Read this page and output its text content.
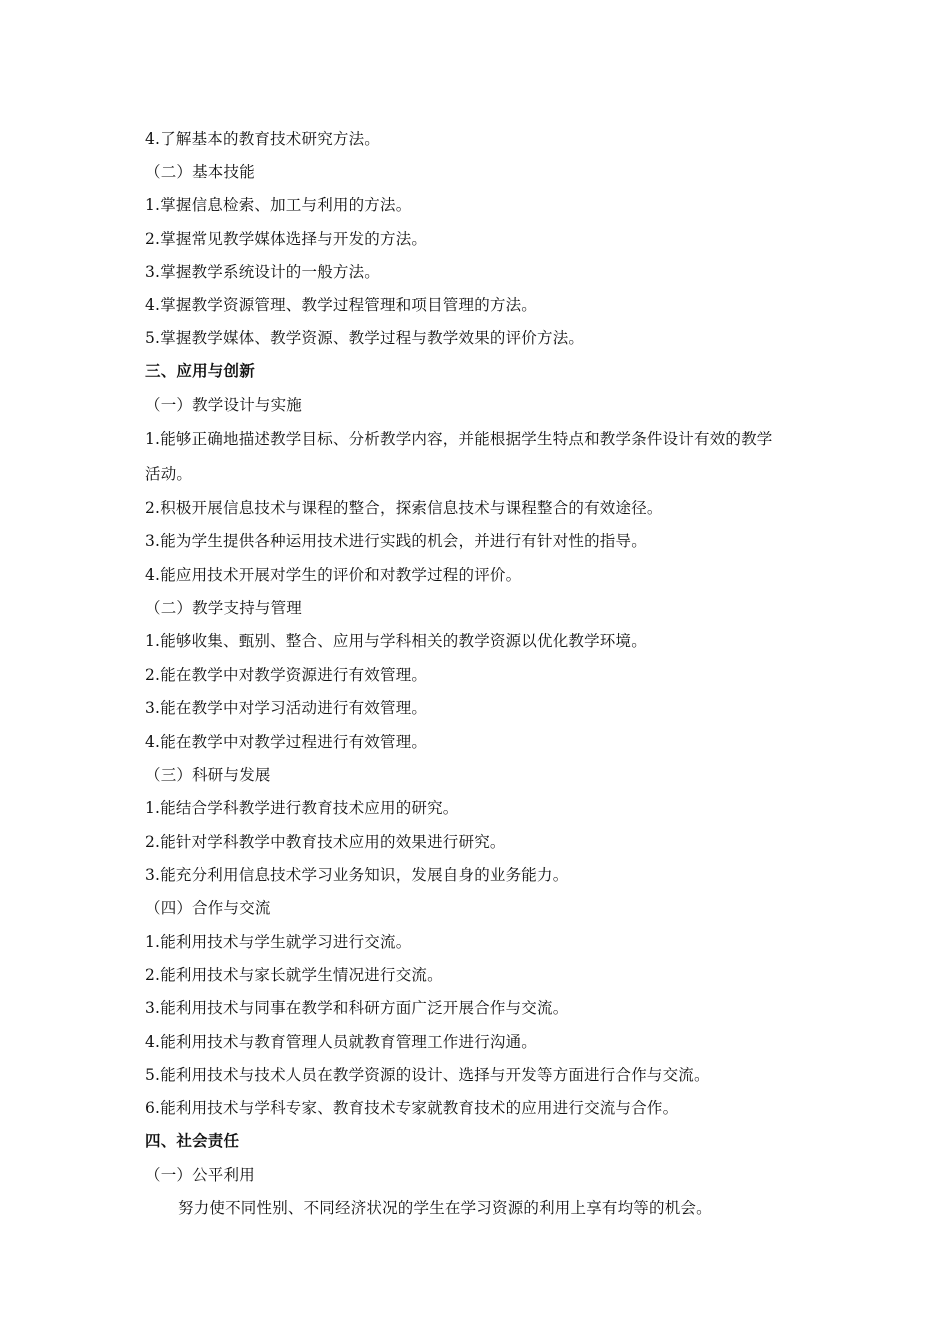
4.了解基本的教育技术研究方法。
（二）基本技能
1.掌握信息检索、加工与利用的方法。
2.掌握常见教学媒体选择与开发的方法。
3.掌握教学系统设计的一般方法。
4.掌握教学资源管理、教学过程管理和项目管理的方法。
5.掌握教学媒体、教学资源、教学过程与教学效果的评价方法。
三、应用与创新
（一）教学设计与实施
1.能够正确地描述教学目标、分析教学内容，并能根据学生特点和教学条件设计有效的教学
活动。
2.积极开展信息技术与课程的整合，探索信息技术与课程整合的有效途径。
3.能为学生提供各种运用技术进行实践的机会，并进行有针对性的指导。
4.能应用技术开展对学生的评价和对教学过程的评价。
（二）教学支持与管理
1.能够收集、甄别、整合、应用与学科相关的教学资源以优化教学环境。
2.能在教学中对教学资源进行有效管理。
3.能在教学中对学习活动进行有效管理。
4.能在教学中对教学过程进行有效管理。
（三）科研与发展
1.能结合学科教学进行教育技术应用的研究。
2.能针对学科教学中教育技术应用的效果进行研究。
3.能充分利用信息技术学习业务知识，发展自身的业务能力。
（四）合作与交流
1.能利用技术与学生就学习进行交流。
2.能利用技术与家长就学生情况进行交流。
3.能利用技术与同事在教学和科研方面广泛开展合作与交流。
4.能利用技术与教育管理人员就教育管理工作进行沟通。
5.能利用技术与技术人员在教学资源的设计、选择与开发等方面进行合作与交流。
6.能利用技术与学科专家、教育技术专家就教育技术的应用进行交流与合作。
四、社会责任
（一）公平利用
努力使不同性别、不同经济状况的学生在学习资源的利用上享有均等的机会。
